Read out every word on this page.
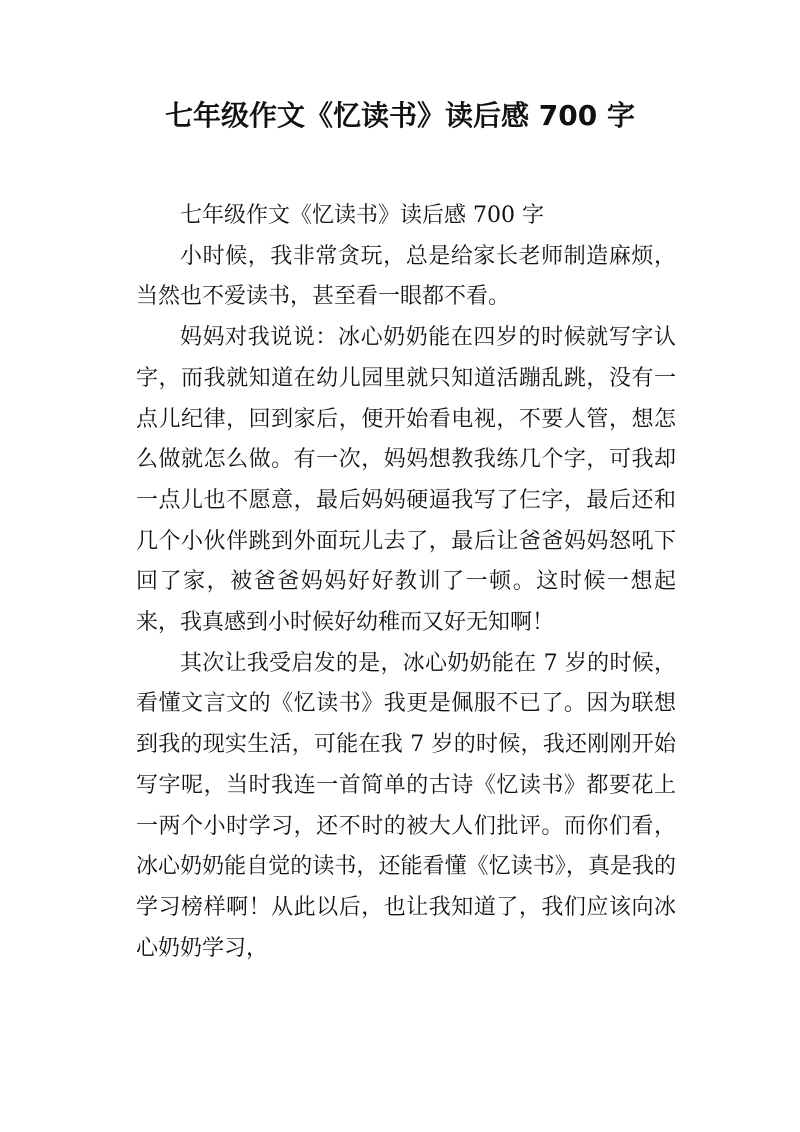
七年级作文《忆读书》读后感 700 字

七年级作文《忆读书》读后感 700 字

小时候，我非常贪玩，总是给家长老师制造麻烦，当然也不爱读书，甚至看一眼都不看。

妈妈对我说说：冰心奶奶能在四岁的时候就写字认字，而我就知道在幼儿园里就只知道活蹦乱跳，没有一点儿纪律，回到家后，便开始看电视，不要人管，想怎么做就怎么做。有一次，妈妈想教我练几个字，可我却一点儿也不愿意，最后妈妈硬逼我写了仨字，最后还和几个小伙伴跳到外面玩儿去了，最后让爸爸妈妈怒吼下回了家，被爸爸妈妈好好教训了一顿。这时候一想起来，我真感到小时候好幼稚而又好无知啊！

其次让我受启发的是，冰心奶奶能在 7 岁的时候，看懂文言文的《忆读书》我更是佩服不已了。因为联想到我的现实生活，可能在我 7 岁的时候，我还刚刚开始写字呢，当时我连一首简单的古诗《忆读书》都要花上一两个小时学习，还不时的被大人们批评。而你们看，冰心奶奶能自觉的读书，还能看懂《忆读书》，真是我的学习榜样啊！从此以后，也让我知道了，我们应该向冰心奶奶学习，
